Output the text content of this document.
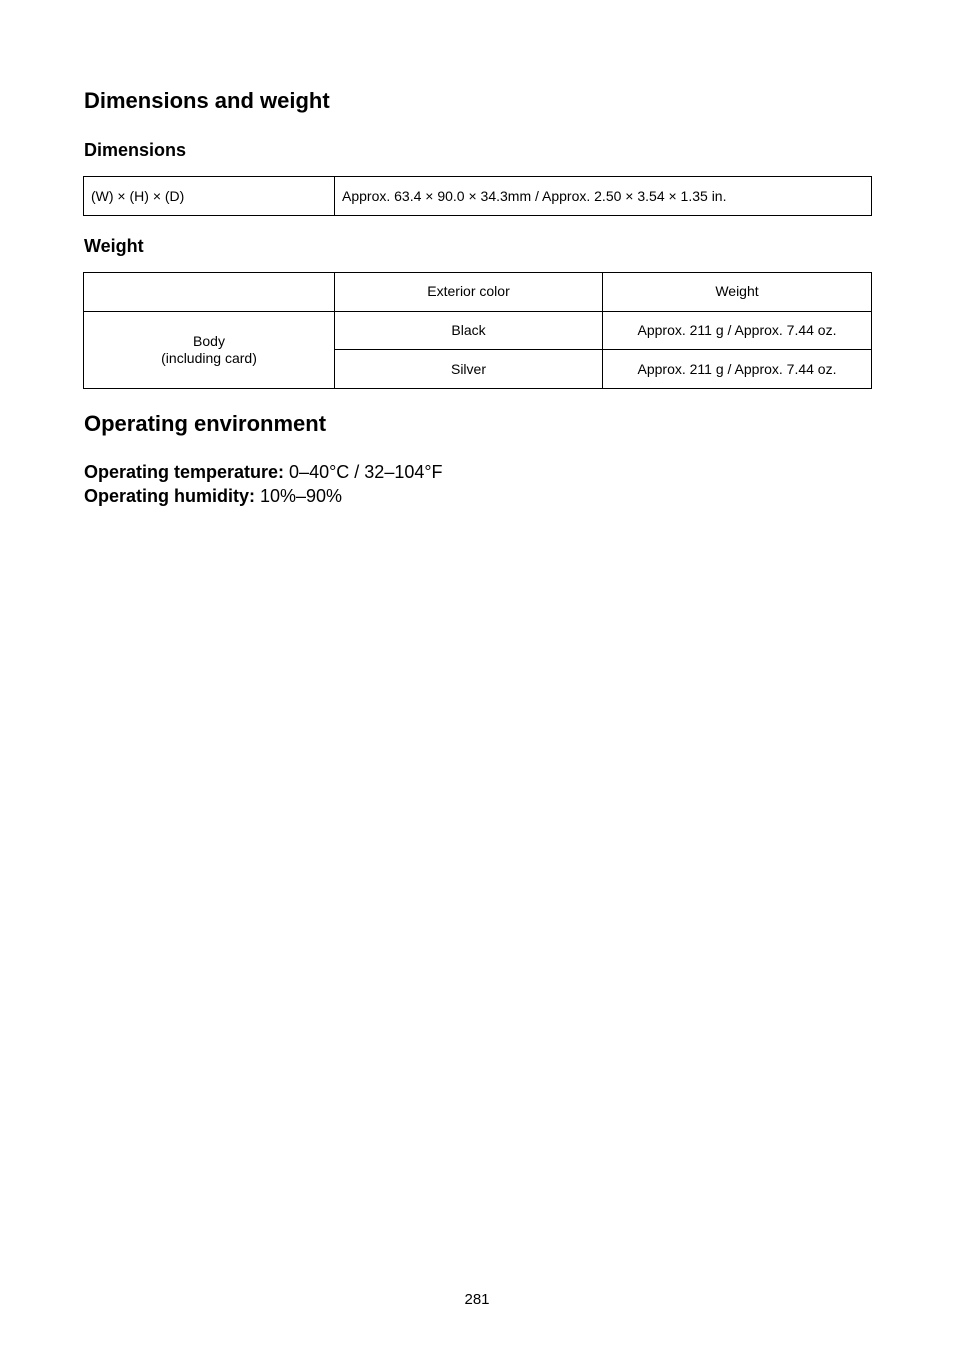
Dimensions and weight
Dimensions
(W) × (H) × (D)	Approx. 63.4 × 90.0 × 34.3mm / Approx. 2.50 × 3.54 × 1.35 in.
Weight
	Exterior color	Weight

Body
(including card)	Black	Approx. 211 g / Approx. 7.44 oz.
	Silver	Approx. 211 g / Approx. 7.44 oz.
Operating environment
Operating temperature: 0–40°C / 32–104°F
Operating humidity: 10%–90%
281
